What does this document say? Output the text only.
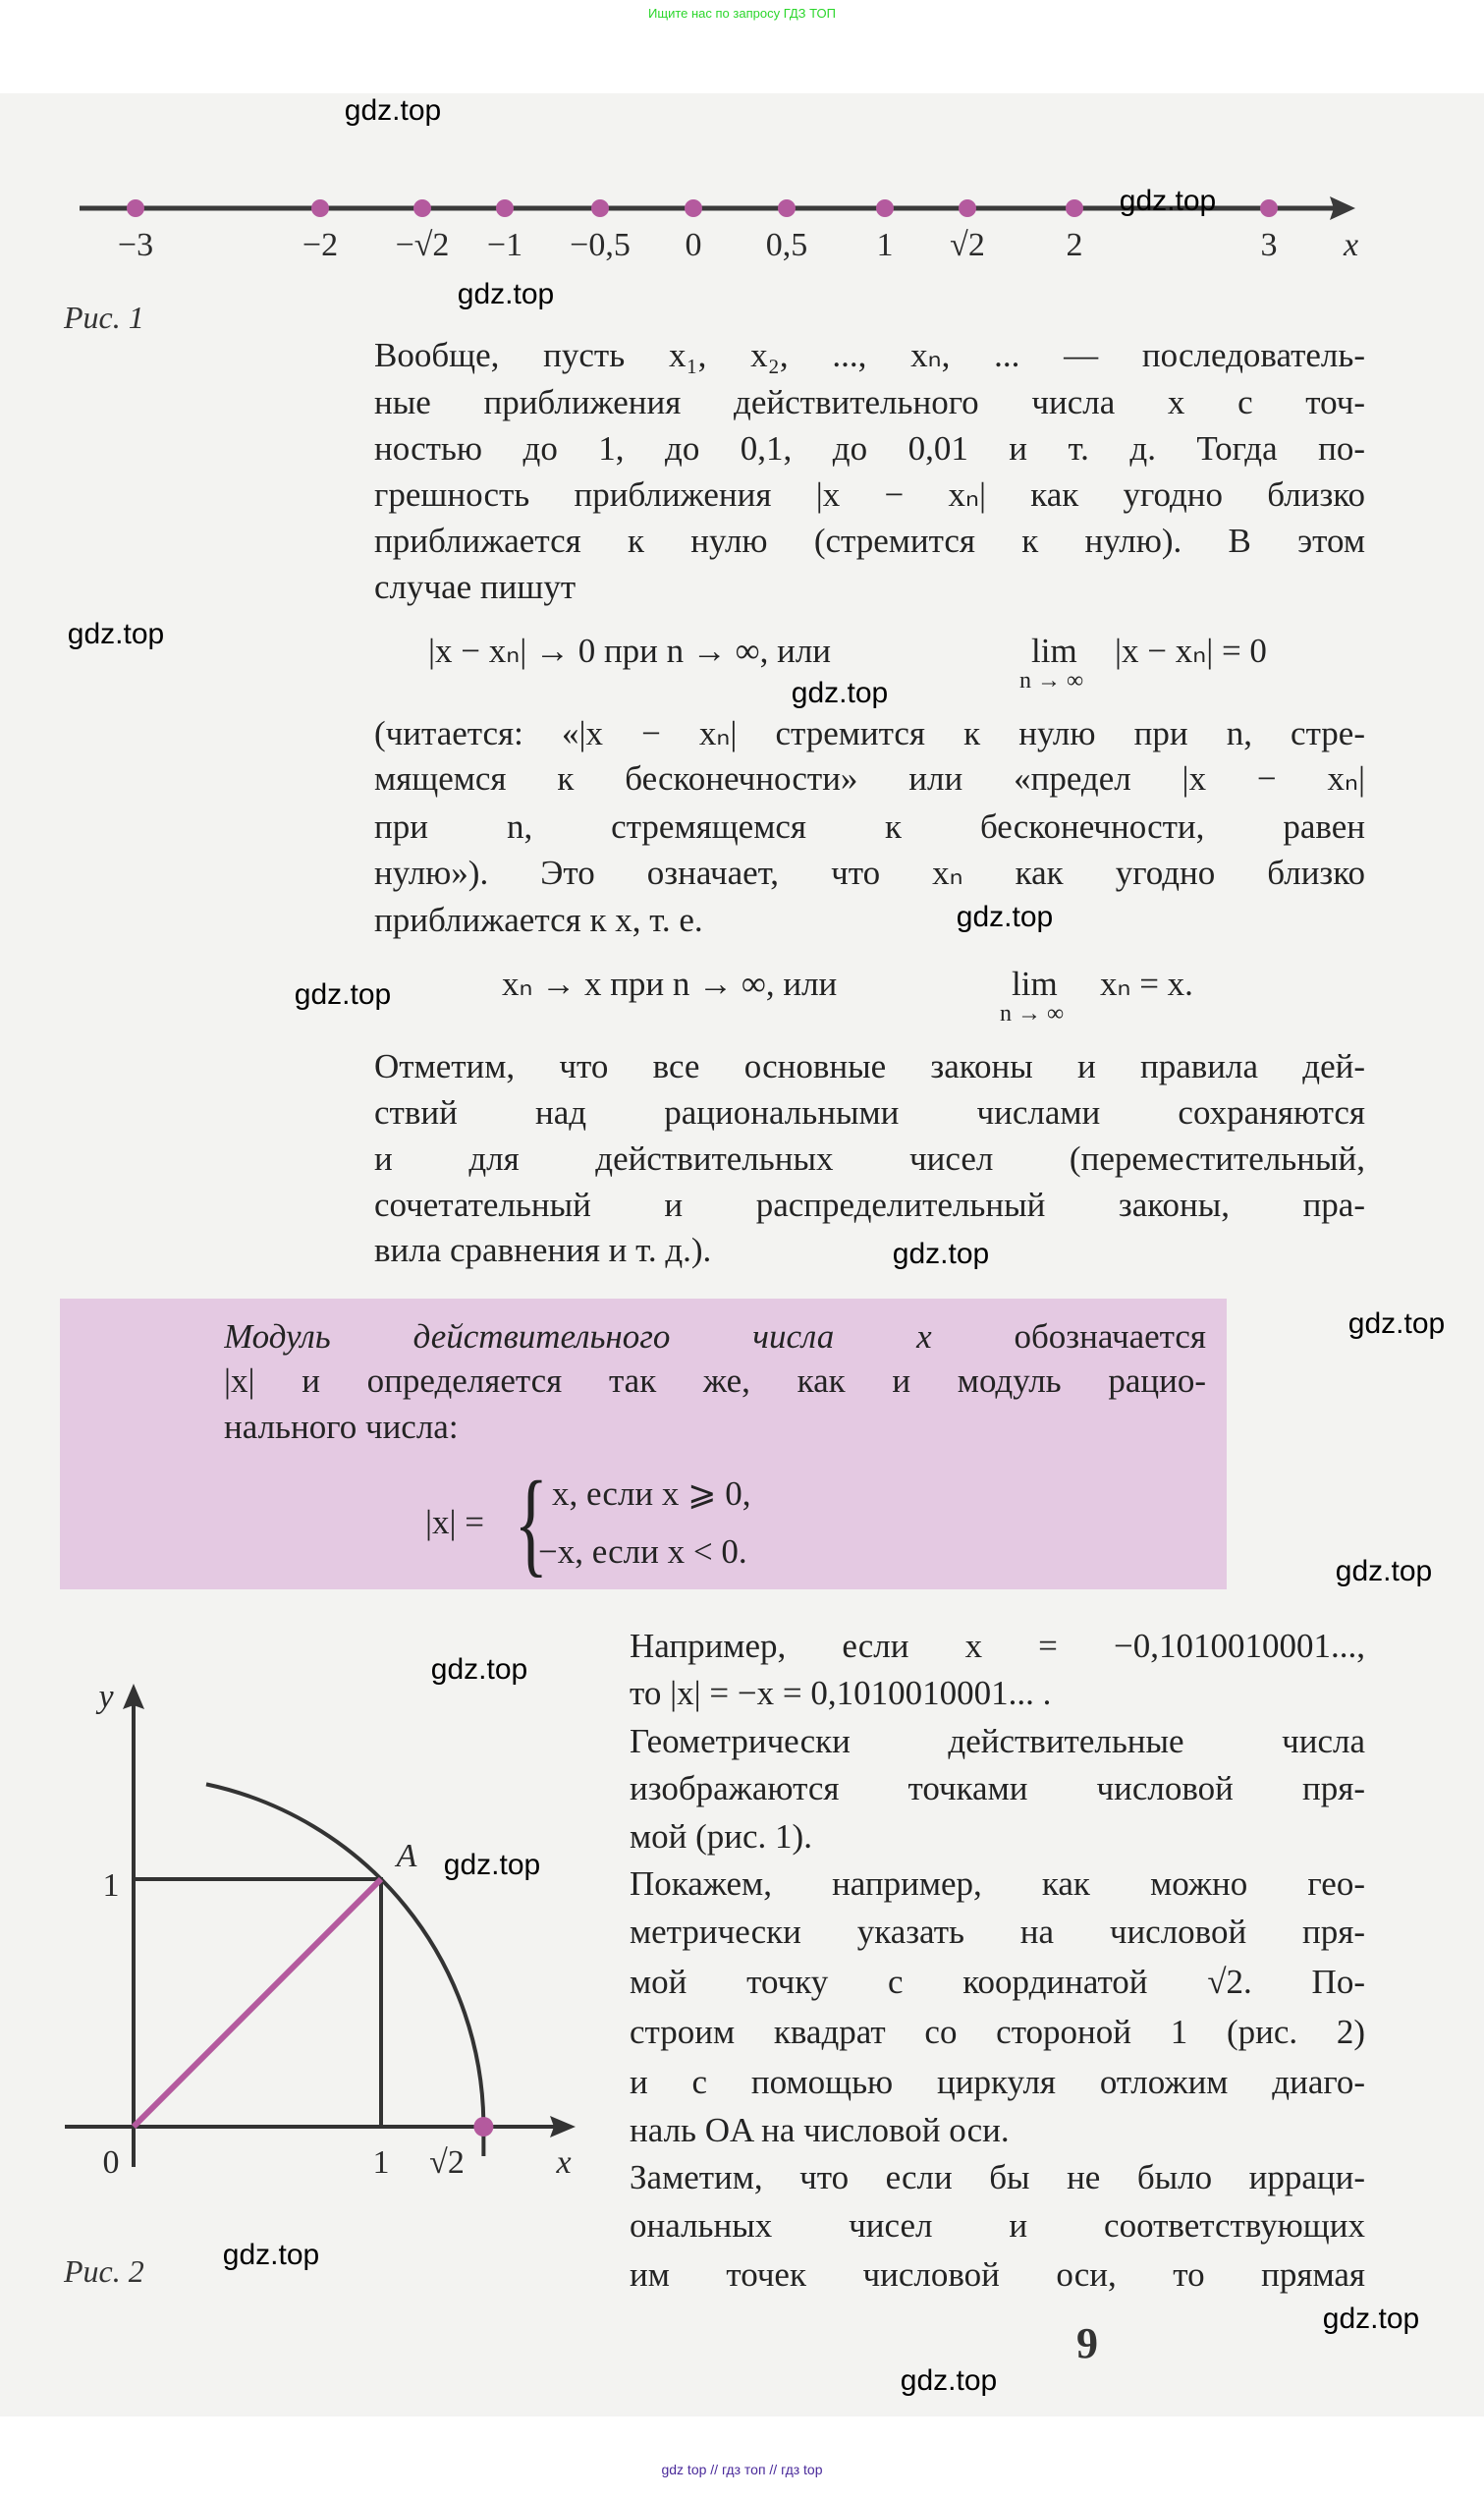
Ищите нас по запросу ГДЗ ТОП
−3	−2 −√2 −1 −0,5 0 0,5 1 √2 2	3 x
Рис. 1
Вообще, пусть x₁, x₂, ..., xₙ, ... — последователь-
ные приближения действительного числа x с точ-
ностью до 1, до 0,1, до 0,01 и т. д. Тогда по-
грешность приближения |x − xₙ| как угодно близко
приближается к нулю (стремится к нулю). В этом
случае пишут
|x − xₙ| → 0 при n → ∞, или	lim
n → ∞
|x − xₙ| = 0
(читается: «|x − xₙ| стремится к нулю при n, стре-
мящемся к бесконечности» или «предел |x − xₙ|
при n, стремящемся к бесконечности, равен
нулю»). Это означает, что xₙ как угодно близко
приближается к x, т. е.
xₙ → x при n → ∞, или	lim
n → ∞
xₙ = x.
Отметим, что все основные законы и правила дей-
ствий над рациональными числами сохраняются
и для действительных чисел (переместительный,
сочетательный и распределительный законы, пра-
вила сравнения и т. д.).
Модуль действительного числа x обозначается
|x| и определяется так же, как и модуль рацио-
нального числа:
|x| = { x, если x ⩾ 0,
−x, если x < 0.
Например, если x = −0,1010010001...,
то |x| = −x = 0,1010010001... .
Геометрически действительные числа
изображаются точками числовой пря-
мой (рис. 1).
Покажем, например, как можно гео-
метрически указать на числовой пря-
мой точку с координатой √2. По-
строим квадрат со стороной 1 (рис. 2)
и с помощью циркуля отложим диаго-
наль OA на числовой оси.
Заметим, что если бы не было ирраци-
ональных чисел и соответствующих
им точек числовой оси, то прямая
y
1
0	1 √2	x
A
Рис. 2
9
gdz.top
gdz.top
gdz.top
gdz.top
gdz.top
gdz.top
gdz.top
gdz.top
gdz.top
gdz.top
gdz.top
gdz.top
gdz.top
gdz.top
gdz.top
gdz top // гдз топ // гдз top
